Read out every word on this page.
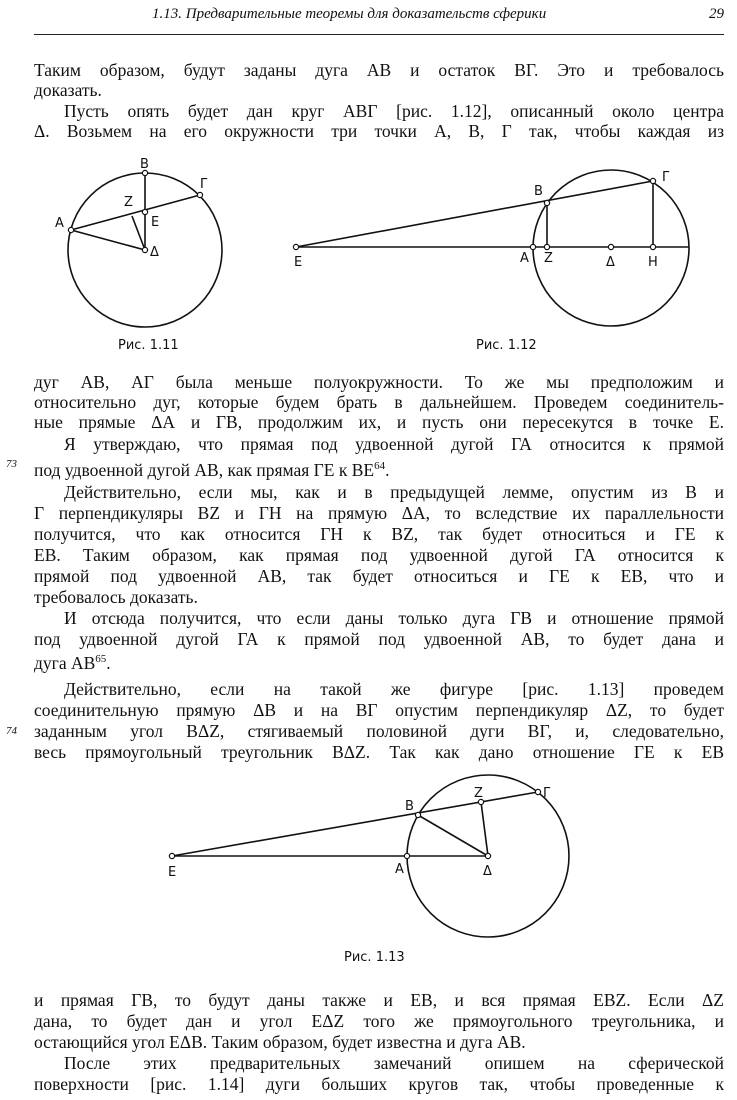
1.13. Предварительные теоремы для доказательств сферики	29

Таким образом, будут заданы дуга АВ и остаток ВГ. Это и требовалось

доказать.

Пусть опять будет дан круг АВГ [рис. 1.12], описанный около центра

Δ. Возьмем на его окружности три точки А, В, Г так, чтобы каждая из

B
Z
E
Г
A
Δ
Рис. 1.11
E
B
Г
A Z	Δ	H
Рис. 1.12

дуг АВ, АГ была меньше полуокружности. То же мы предположим и

относительно дуг, которые будем брать в дальнейшем. Проведем соединитель-

ные прямые ΔА и ГВ, продолжим их, и пусть они пересекутся в точке Е.

Я утверждаю, что прямая под удвоенной дугой ГА относится к прямой

73 под удвоенной дугой АВ, как прямая ГЕ к ВЕ$^{64}$.

Действительно, если мы, как и в предыдущей лемме, опустим из В и

Г перпендикуляры ВZ и ГН на прямую ΔА, то вследствие их параллельности

получится, что как относится ГН к ВZ, так будет относиться и ГЕ к

ЕВ. Таким образом, как прямая под удвоенной дугой ГА относится к

прямой под удвоенной АВ, так будет относиться и ГЕ к ЕВ, что и

требовалось доказать.

И отсюда получится, что если даны только дуга ГВ и отношение прямой

под удвоенной дугой ГА к прямой под удвоенной АВ, то будет дана и

дуга АВ$^{65}$.

Действительно, если на такой же фигуре [рис. 1.13] проведем

соединительную прямую ΔВ и на ВГ опустим перпендикуляр ΔZ, то будет

74 заданным угол ВΔZ, стягиваемый половиной дуги ВГ, и, следовательно,

весь прямоугольный треугольник ВΔZ. Так как дано отношение ГЕ к ЕВ

E
B
Z	Г
A	Δ
Рис. 1.13

и прямая ГВ, то будут даны также и ЕВ, и вся прямая ЕВZ. Если ΔZ

дана, то будет дан и угол ЕΔZ того же прямоугольного треугольника, и

остающийся угол ЕΔВ. Таким образом, будет известна и дуга АВ.

После этих предварительных замечаний опишем на сферической

поверхности [рис. 1.14] дуги больших кругов так, чтобы проведенные к
